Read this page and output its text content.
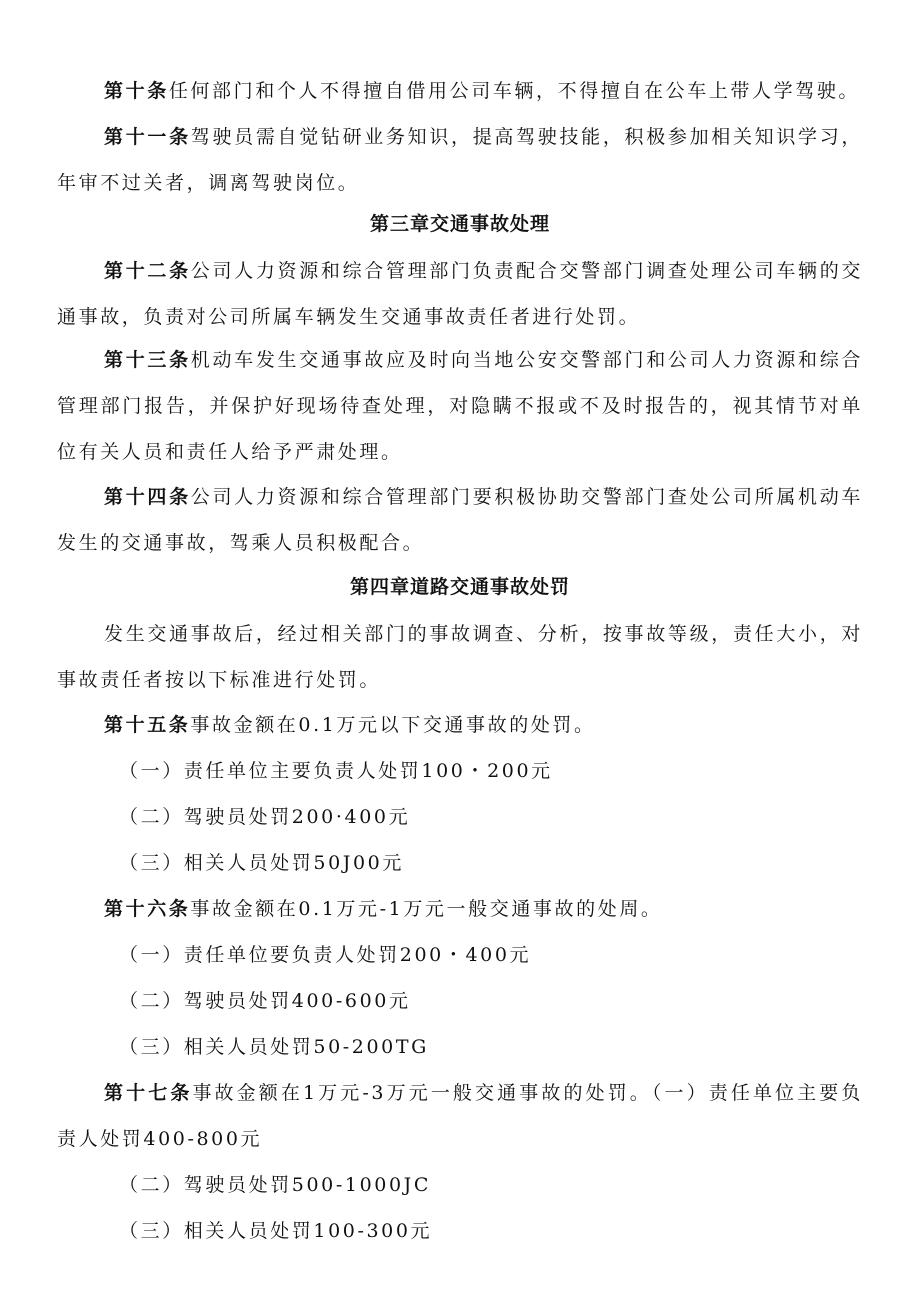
第十条任何部门和个人不得擅自借用公司车辆，不得擅自在公车上带人学驾驶。

第十一条驾驶员需自觉钻研业务知识，提高驾驶技能，积极参加相关知识学习，年审不过关者，调离驾驶岗位。

第三章交通事故处理

第十二条公司人力资源和综合管理部门负责配合交警部门调查处理公司车辆的交通事故，负责对公司所属车辆发生交通事故责任者进行处罚。

第十三条机动车发生交通事故应及时向当地公安交警部门和公司人力资源和综合管理部门报告，并保护好现场待查处理，对隐瞒不报或不及时报告的，视其情节对单位有关人员和责任人给予严肃处理。

第十四条公司人力资源和综合管理部门要积极协助交警部门查处公司所属机动车发生的交通事故，驾乘人员积极配合。

第四章道路交通事故处罚

发生交通事故后，经过相关部门的事故调查、分析，按事故等级，责任大小，对事故责任者按以下标准进行处罚。

第十五条事故金额在0.1万元以下交通事故的处罚。

（一）责任单位主要负责人处罚100・200元

（二）驾驶员处罚200·400元

（三）相关人员处罚50J00元

第十六条事故金额在0.1万元-1万元一般交通事故的处周。

（一）责任单位要负责人处罚200・400元

（二）驾驶员处罚400-600元

（三）相关人员处罚50-200TG

第十七条事故金额在1万元-3万元一般交通事故的处罚。（一）责任单位主要负责人处罚400-800元

（二）驾驶员处罚500-1000JC

（三）相关人员处罚100-300元
